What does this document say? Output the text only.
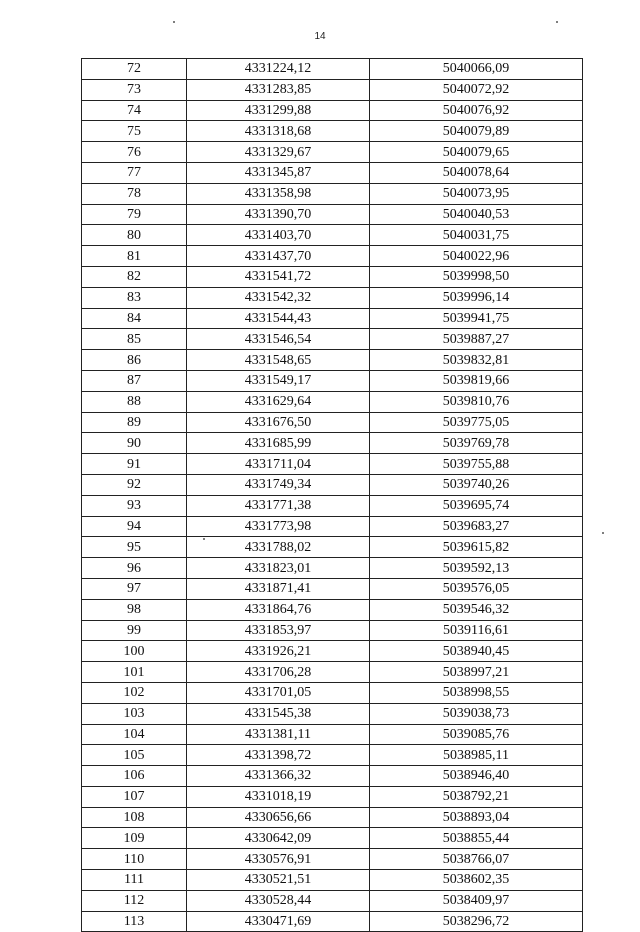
14
72	4331224,12	5040066,09
73	4331283,85	5040072,92
74	4331299,88	5040076,92
75	4331318,68	5040079,89
76	4331329,67	5040079,65
77	4331345,87	5040078,64
78	4331358,98	5040073,95
79	4331390,70	5040040,53
80	4331403,70	5040031,75
81	4331437,70	5040022,96
82	4331541,72	5039998,50
83	4331542,32	5039996,14
84	4331544,43	5039941,75
85	4331546,54	5039887,27
86	4331548,65	5039832,81
87	4331549,17	5039819,66
88	4331629,64	5039810,76
89	4331676,50	5039775,05
90	4331685,99	5039769,78
91	4331711,04	5039755,88
92	4331749,34	5039740,26
93	4331771,38	5039695,74
94	4331773,98	5039683,27
95	4331788,02	5039615,82
96	4331823,01	5039592,13
97	4331871,41	5039576,05
98	4331864,76	5039546,32
99	4331853,97	5039116,61
100	4331926,21	5038940,45
101	4331706,28	5038997,21
102	4331701,05	5038998,55
103	4331545,38	5039038,73
104	4331381,11	5039085,76
105	4331398,72	5038985,11
106	4331366,32	5038946,40
107	4331018,19	5038792,21
108	4330656,66	5038893,04
109	4330642,09	5038855,44
110	4330576,91	5038766,07
111	4330521,51	5038602,35
112	4330528,44	5038409,97
113	4330471,69	5038296,72
